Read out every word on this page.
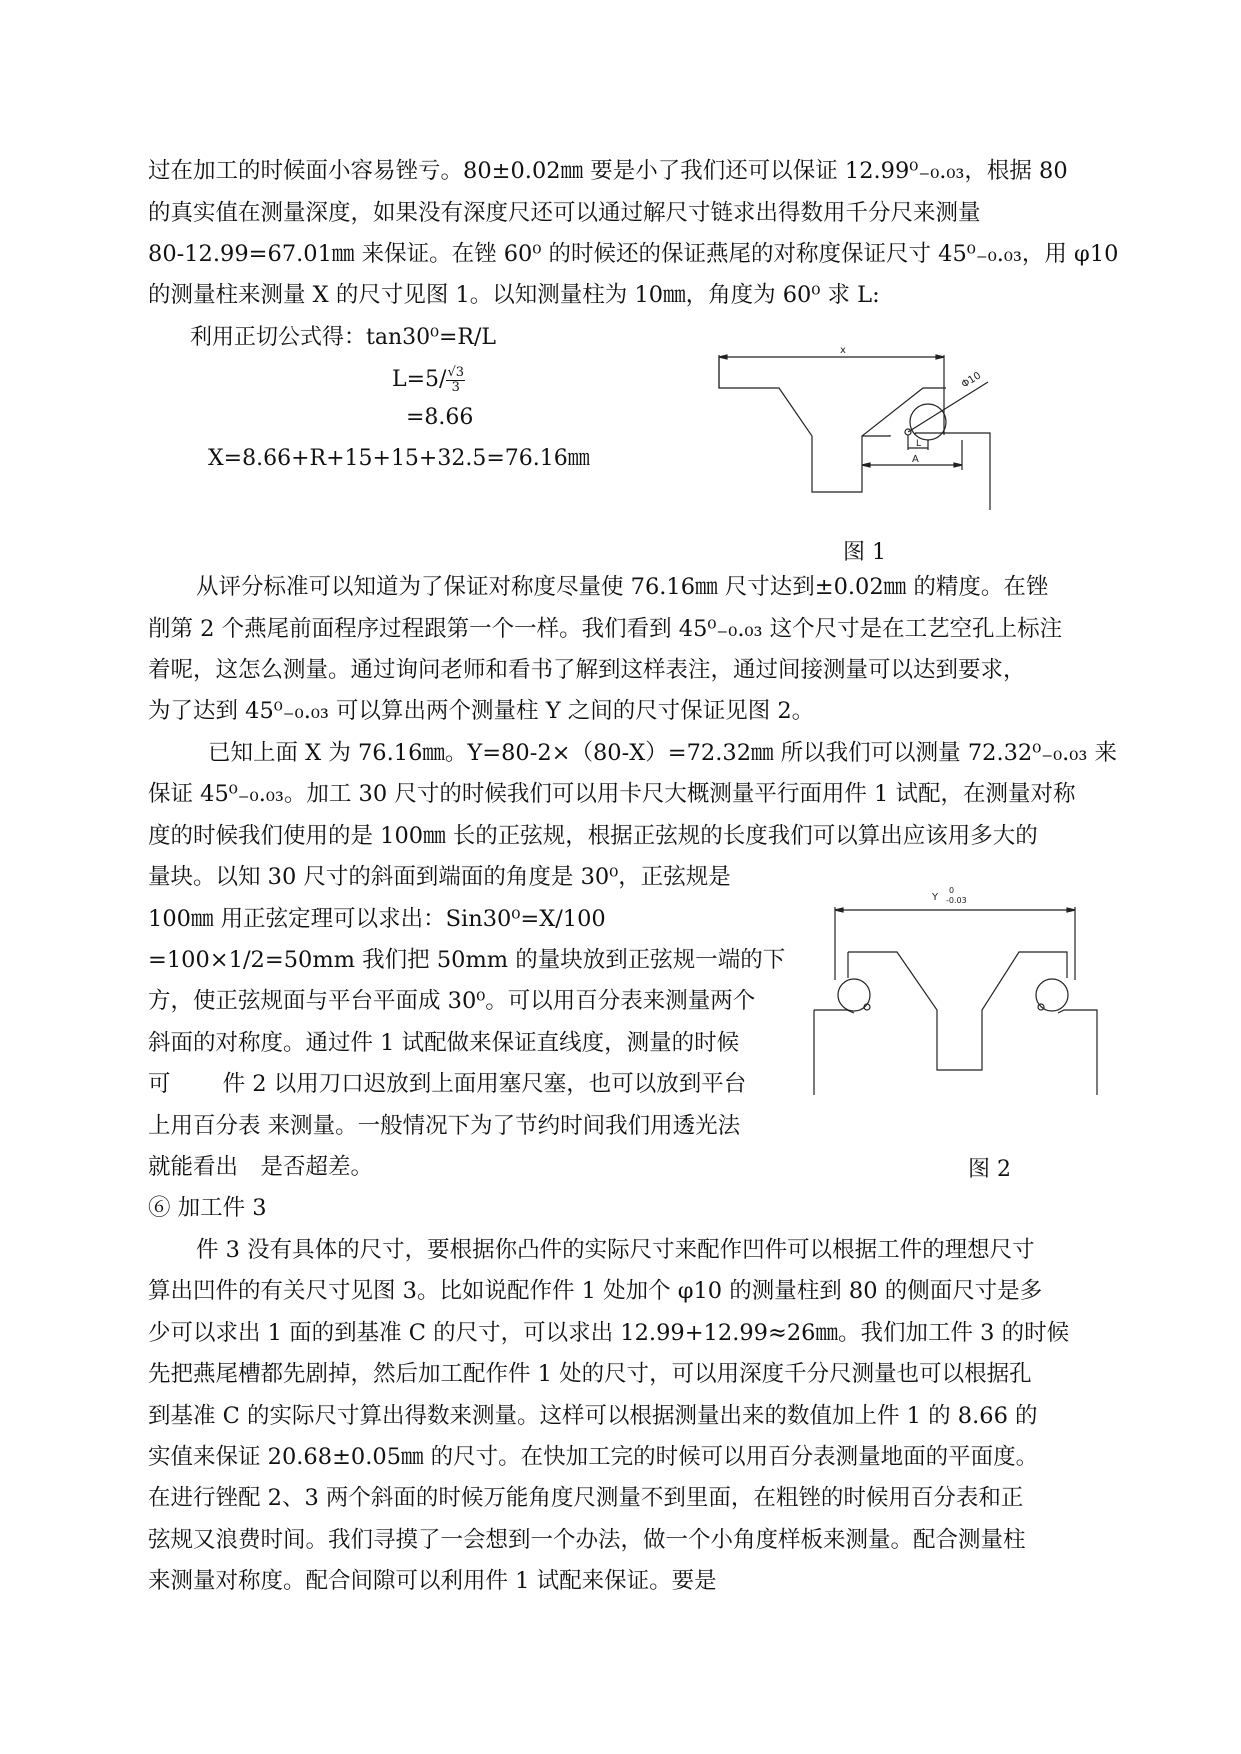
过在加工的时候面小容易锉亏。80±0.02㎜ 要是小了我们还可以保证 12.99⁰₋₀.₀₃，根据 80
的真实值在测量深度，如果没有深度尺还可以通过解尺寸链求出得数用千分尺来测量
80-12.99=67.01㎜ 来保证。在锉 60⁰ 的时候还的保证燕尾的对称度保证尺寸 45⁰₋₀.₀₃，用 φ10
的测量柱来测量 X 的尺寸见图 1。以知测量柱为 10㎜，角度为 60⁰ 求 L:
利用正切公式得：tan30⁰=R/L
$L=5/ \frac{√3}{3}$
=8.66
X=8.66+R+15+15+32.5=76.16㎜
x
Φ10
L
A
图 1
从评分标准可以知道为了保证对称度尽量使 76.16㎜ 尺寸达到±0.02㎜ 的精度。在锉
削第 2 个燕尾前面程序过程跟第一个一样。我们看到 45⁰₋₀.₀₃ 这个尺寸是在工艺空孔上标注
着呢，这怎么测量。通过询问老师和看书了解到这样表注，通过间接测量可以达到要求，
为了达到 45⁰₋₀.₀₃ 可以算出两个测量柱 Y 之间的尺寸保证见图 2。
已知上面 X 为 76.16㎜。Y=80-2×（80-X）=72.32㎜ 所以我们可以测量 72.32⁰₋₀.₀₃ 来
保证 45⁰₋₀.₀₃。加工 30 尺寸的时候我们可以用卡尺大概测量平行面用件 1 试配，在测量对称
度的时候我们使用的是 100㎜ 长的正弦规，根据正弦规的长度我们可以算出应该用多大的
量块。以知 30 尺寸的斜面到端面的角度是 30⁰，正弦规是
100㎜ 用正弦定理可以求出：Sin30⁰=X/100
=100×1/2=50mm 我们把 50mm 的量块放到正弦规一端的下
方，使正弦规面与平台平面成 30⁰。可以用百分表来测量两个
斜面的对称度。通过件 1 试配做来保证直线度，测量的时候
可　　 件 2 以用刀口迟放到上面用塞尺塞，也可以放到平台
上用百分表 来测量。一般情况下为了节约时间我们用透光法
就能看出　是否超差。
Y
0
-0.03
图 2
⑥ 加工件 3
件 3 没有具体的尺寸，要根据你凸件的实际尺寸来配作凹件可以根据工件的理想尺寸
算出凹件的有关尺寸见图 3。比如说配作件 1 处加个 φ10 的测量柱到 80 的侧面尺寸是多
少可以求出 1 面的到基准 C 的尺寸，可以求出 12.99+12.99≈26㎜。我们加工件 3 的时候
先把燕尾槽都先剧掉，然后加工配作件 1 处的尺寸，可以用深度千分尺测量也可以根据孔
到基准 C 的实际尺寸算出得数来测量。这样可以根据测量出来的数值加上件 1 的 8.66 的
实值来保证 20.68±0.05㎜ 的尺寸。在快加工完的时候可以用百分表测量地面的平面度。
在进行锉配 2、3 两个斜面的时候万能角度尺测量不到里面，在粗锉的时候用百分表和正
弦规又浪费时间。我们寻摸了一会想到一个办法，做一个小角度样板来测量。配合测量柱
来测量对称度。配合间隙可以利用件 1 试配来保证。要是
